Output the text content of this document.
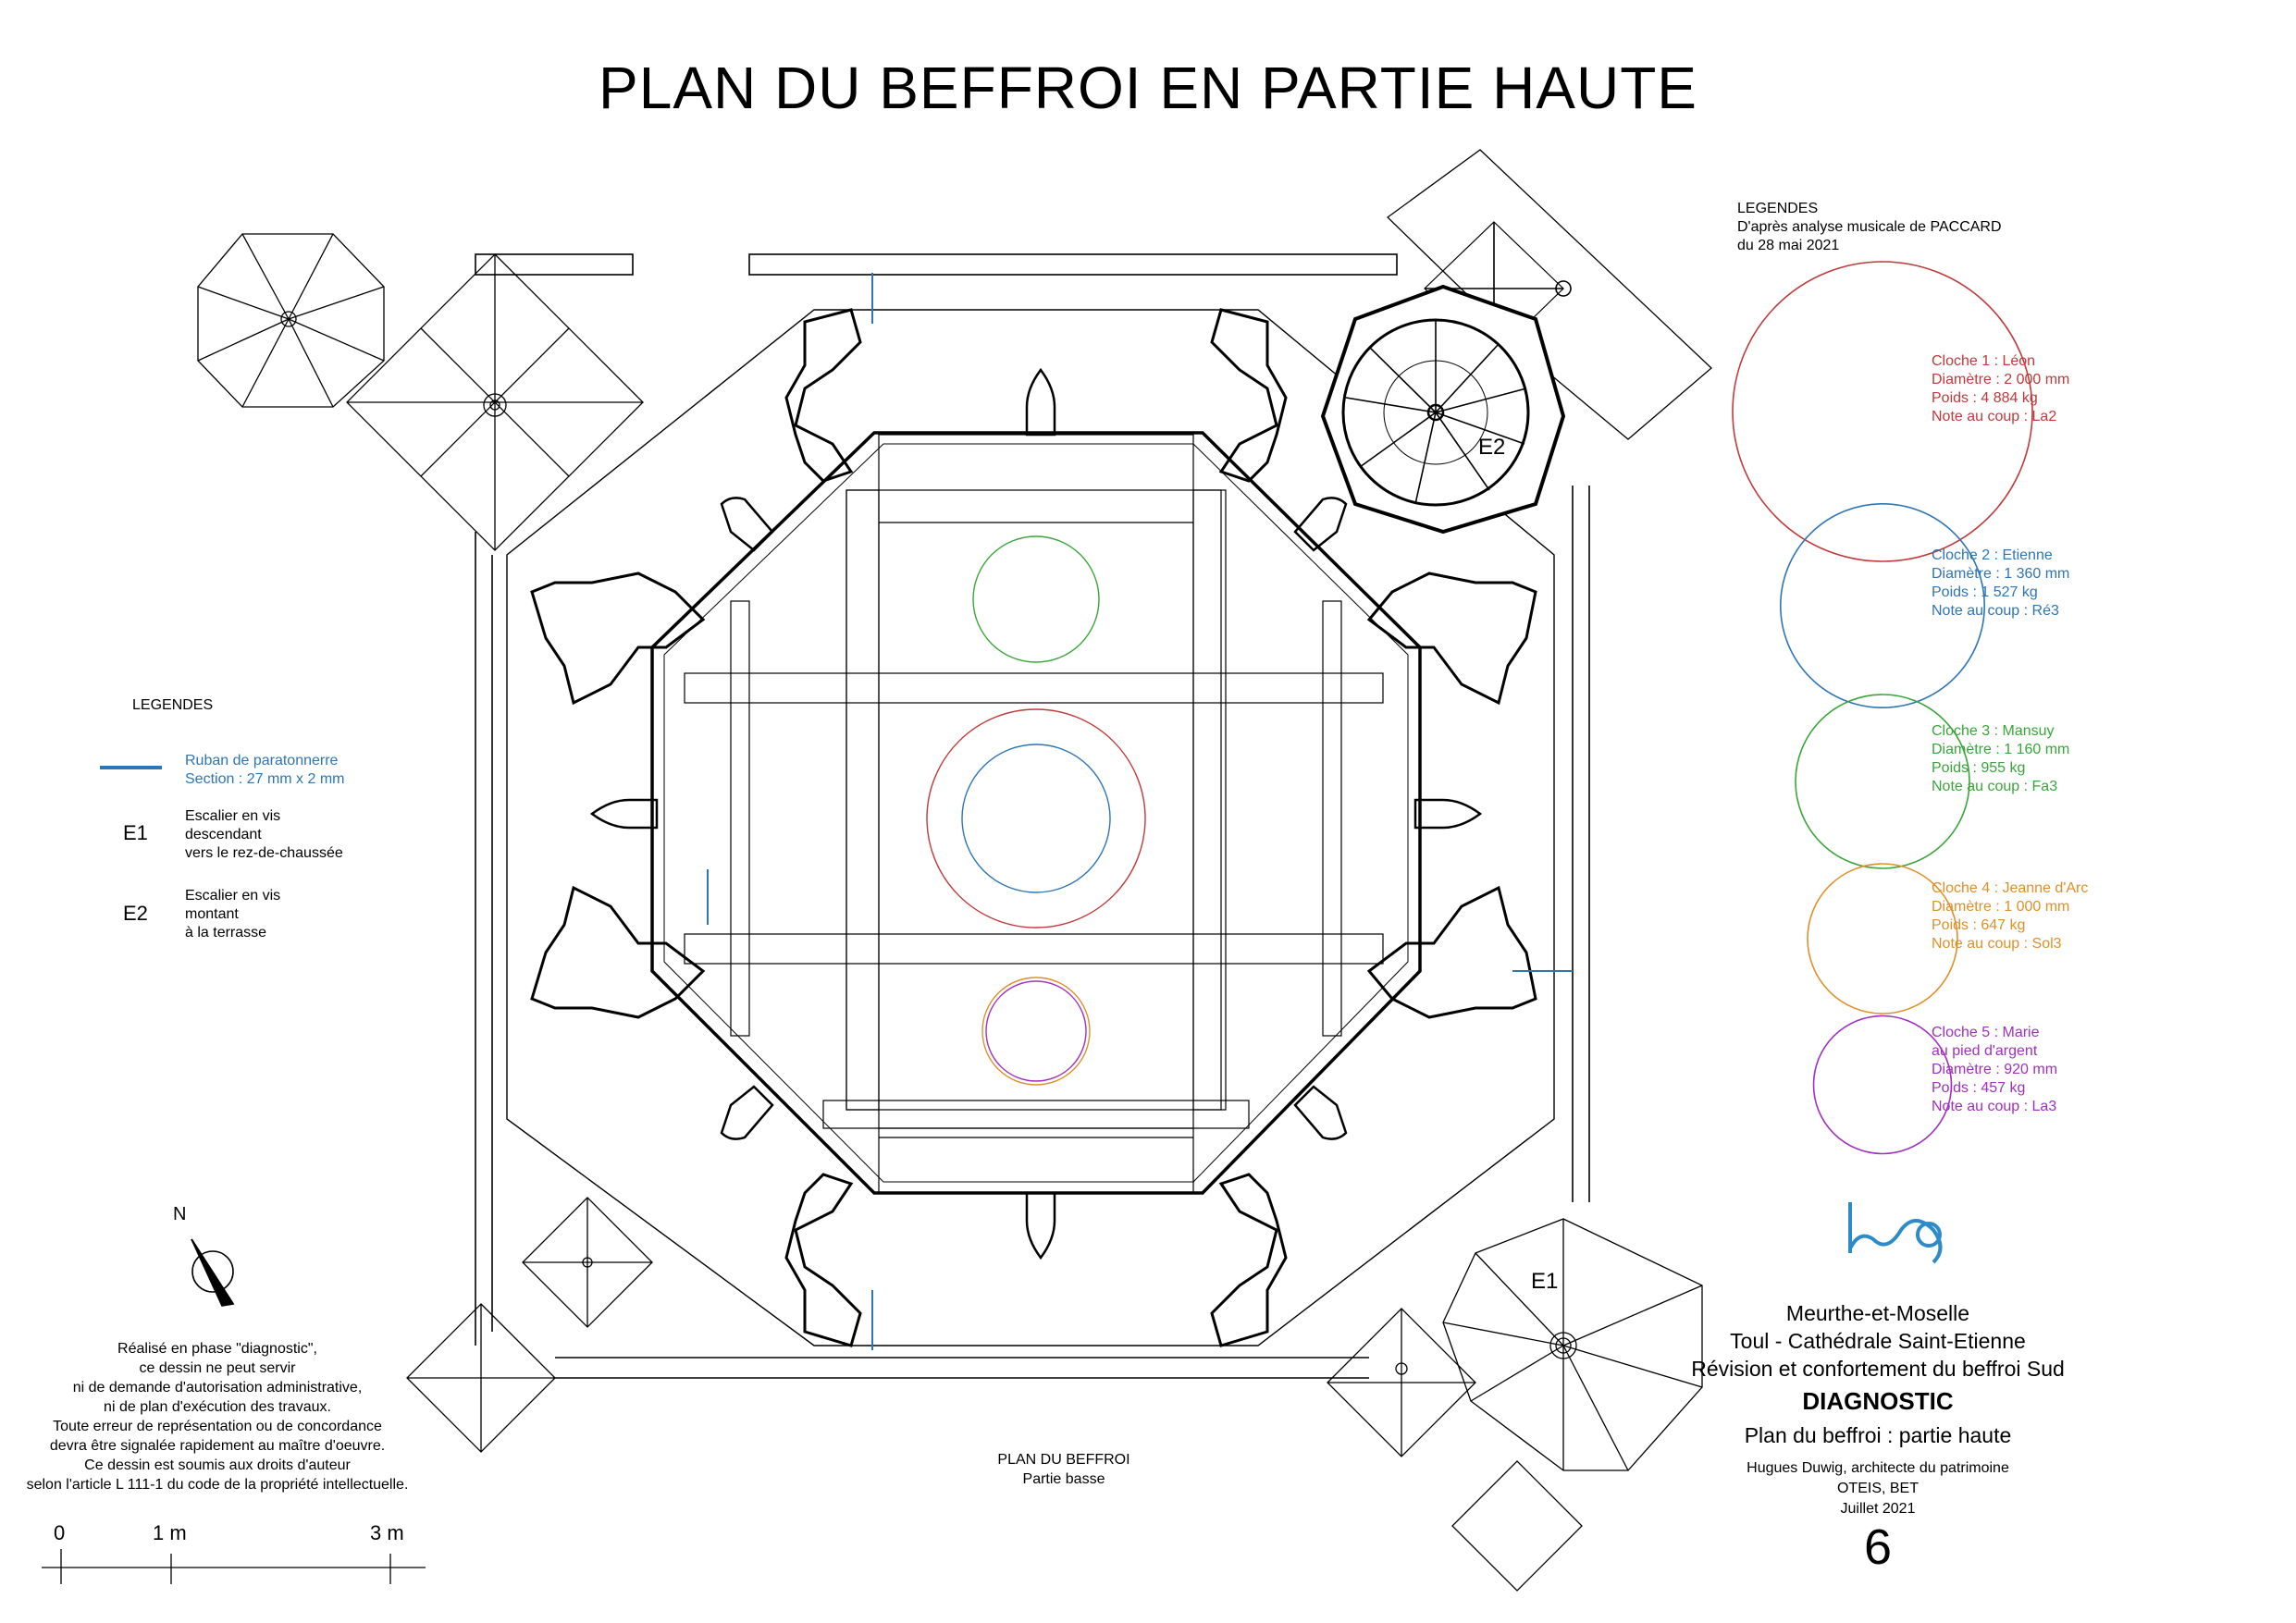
PLAN DU BEFFROI EN PARTIE HAUTE
LEGENDES
D'après analyse musicale de PACCARD
du 28 mai 2021
Cloche 1 : Léon
Diamètre : 2 000 mm
Poids : 4 884 kg
Note au coup : La2
Cloche 2 : Etienne
Diamètre : 1 360 mm
Poids : 1 527 kg
Note au coup : Ré3
Cloche 3 : Mansuy
Diamètre : 1 160 mm
Poids : 955 kg
Note au coup : Fa3
Cloche 4 : Jeanne d'Arc
Diamètre : 1 000 mm
Poids : 647 kg
Note au coup : Sol3
Cloche 5 : Marie
au pied d'argent
Diamètre : 920 mm
Poids : 457 kg
Note au coup : La3
LEGENDES
Ruban de paratonnerre
Section : 27 mm x 2 mm
E1
Escalier en vis
descendant
vers le rez-de-chaussée
E2
Escalier en vis
montant
à la terrasse
E2
E1
N
Réalisé en phase "diagnostic",
ce dessin ne peut servir
ni de demande d'autorisation administrative,
ni de plan d'exécution des travaux.
Toute erreur de représentation ou de concordance
devra être signalée rapidement au maître d'oeuvre.
Ce dessin est soumis aux droits d'auteur
selon l'article L 111-1 du code de la propriété intellectuelle.
0	1 m	3 m
PLAN DU BEFFROI
Partie basse
Meurthe-et-Moselle
Toul - Cathédrale Saint-Etienne
Révision et confortement du beffroi Sud
DIAGNOSTIC
Plan du beffroi : partie haute
Hugues Duwig, architecte du patrimoine
OTEIS, BET
Juillet 2021
6
